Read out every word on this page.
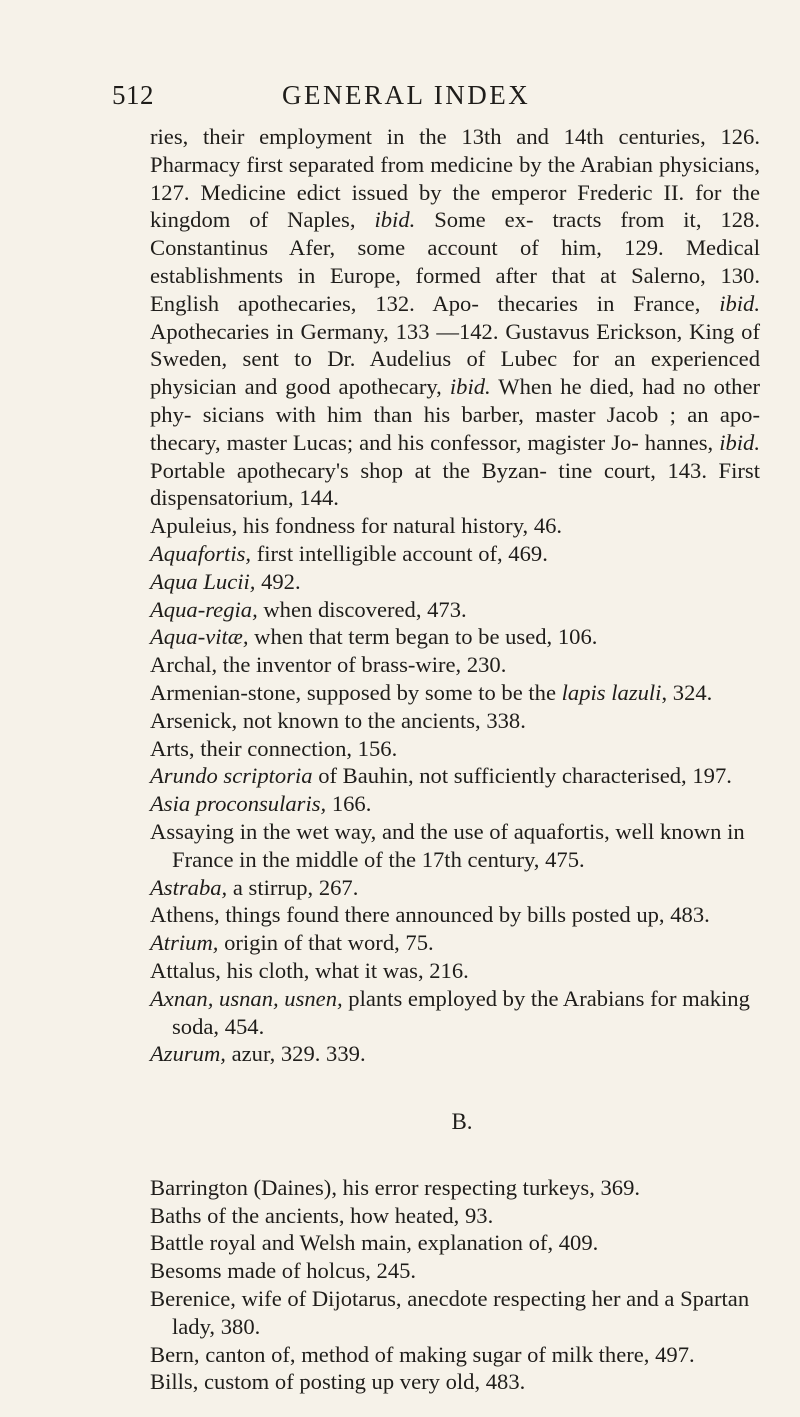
512	GENERAL INDEX

ries, their employment in the 13th and 14th centuries, 126. Pharmacy first separated from medicine by the Arabian physicians, 127. Medicine edict issued by the emperor Frederic II. for the kingdom of Naples, ibid. Some ex- tracts from it, 128. Constantinus Afer, some account of him, 129. Medical establishments in Europe, formed after that at Salerno, 130. English apothecaries, 132. Apo- thecaries in France, ibid. Apothecaries in Germany, 133 —142. Gustavus Erickson, King of Sweden, sent to Dr. Audelius of Lubec for an experienced physician and good apothecary, ibid. When he died, had no other phy- sicians with him than his barber, master Jacob ; an apo- thecary, master Lucas; and his confessor, magister Jo- hannes, ibid. Portable apothecary's shop at the Byzan- tine court, 143. First dispensatorium, 144.

Apuleius, his fondness for natural history, 46.

Aquafortis, first intelligible account of, 469.

Aqua Lucii, 492.

Aqua-regia, when discovered, 473.

Aqua-vitæ, when that term began to be used, 106.

Archal, the inventor of brass-wire, 230.

Armenian-stone, supposed by some to be the lapis lazuli, 324.

Arsenick, not known to the ancients, 338.

Arts, their connection, 156.

Arundo scriptoria of Bauhin, not sufficiently characterised, 197.

Asia proconsularis, 166.

Assaying in the wet way, and the use of aquafortis, well known in France in the middle of the 17th century, 475.

Astraba, a stirrup, 267.

Athens, things found there announced by bills posted up, 483.

Atrium, origin of that word, 75.

Attalus, his cloth, what it was, 216.

Axnan, usnan, usnen, plants employed by the Arabians for making soda, 454.

Azurum, azur, 329. 339.

B.

Barrington (Daines), his error respecting turkeys, 369.

Baths of the ancients, how heated, 93.

Battle royal and Welsh main, explanation of, 409.

Besoms made of holcus, 245.

Berenice, wife of Dijotarus, anecdote respecting her and a Spartan lady, 380.

Bern, canton of, method of making sugar of milk there, 497.

Bills, custom of posting up very old, 483.
